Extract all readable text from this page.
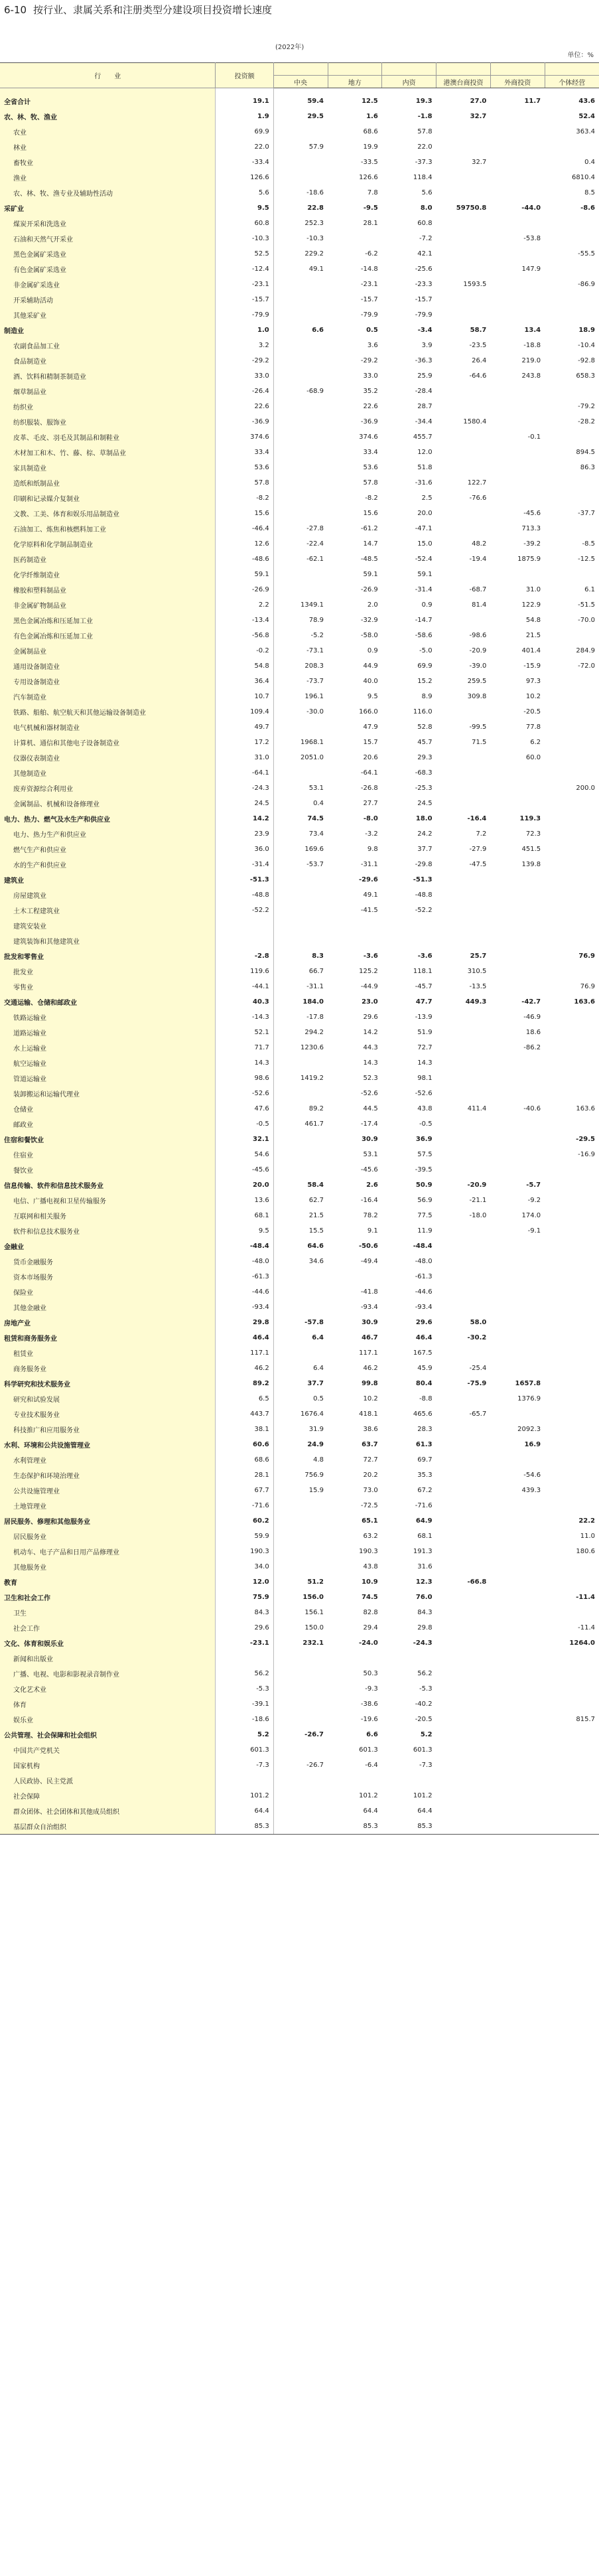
6-10 按行业、隶属关系和注册类型分建设项目投资增长速度
(2022年)
单位：%
行　　业	投资额						
		中央	地方	内资	港澳台商投资	外商投资	个体经营

全省合计	19.1	59.4	12.5	19.3	27.0	11.7	43.6
农、林、牧、渔业	1.9	29.5	1.6	-1.8	32.7		52.4
农业	69.9		68.6	57.8			363.4
林业	22.0	57.9	19.9	22.0			
畜牧业	-33.4		-33.5	-37.3	32.7		0.4
渔业	126.6		126.6	118.4			6810.4
农、林、牧、渔专业及辅助性活动	5.6	-18.6	7.8	5.6			8.5
采矿业	9.5	22.8	-9.5	8.0	59750.8	-44.0	-8.6
煤炭开采和洗选业	60.8	252.3	28.1	60.8			
石油和天然气开采业	-10.3	-10.3		-7.2		-53.8	
黑色金属矿采选业	52.5	229.2	-6.2	42.1			-55.5
有色金属矿采选业	-12.4	49.1	-14.8	-25.6		147.9	
非金属矿采选业	-23.1		-23.1	-23.3	1593.5		-86.9
开采辅助活动	-15.7		-15.7	-15.7			
其他采矿业	-79.9		-79.9	-79.9			
制造业	1.0	6.6	0.5	-3.4	58.7	13.4	18.9
农副食品加工业	3.2		3.6	3.9	-23.5	-18.8	-10.4
食品制造业	-29.2		-29.2	-36.3	26.4	219.0	-92.8
酒、饮料和精制茶制造业	33.0		33.0	25.9	-64.6	243.8	658.3
烟草制品业	-26.4	-68.9	35.2	-28.4			
纺织业	22.6		22.6	28.7			-79.2
纺织服装、服饰业	-36.9		-36.9	-34.4	1580.4		-28.2
皮革、毛皮、羽毛及其制品和制鞋业	374.6		374.6	455.7		-0.1	
木材加工和木、竹、藤、棕、草制品业	33.4		33.4	12.0			894.5
家具制造业	53.6		53.6	51.8			86.3
造纸和纸制品业	57.8		57.8	-31.6	122.7		
印刷和记录媒介复制业	-8.2		-8.2	2.5	-76.6		
文教、工美、体育和娱乐用品制造业	15.6		15.6	20.0		-45.6	-37.7
石油加工、炼焦和核燃料加工业	-46.4	-27.8	-61.2	-47.1		713.3	
化学原料和化学制品制造业	12.6	-22.4	14.7	15.0	48.2	-39.2	-8.5
医药制造业	-48.6	-62.1	-48.5	-52.4	-19.4	1875.9	-12.5
化学纤维制造业	59.1		59.1	59.1			
橡胶和塑料制品业	-26.9		-26.9	-31.4	-68.7	31.0	6.1
非金属矿物制品业	2.2	1349.1	2.0	0.9	81.4	122.9	-51.5
黑色金属冶炼和压延加工业	-13.4	78.9	-32.9	-14.7		54.8	-70.0
有色金属冶炼和压延加工业	-56.8	-5.2	-58.0	-58.6	-98.6	21.5	
金属制品业	-0.2	-73.1	0.9	-5.0	-20.9	401.4	284.9
通用设备制造业	54.8	208.3	44.9	69.9	-39.0	-15.9	-72.0
专用设备制造业	36.4	-73.7	40.0	15.2	259.5	97.3	
汽车制造业	10.7	196.1	9.5	8.9	309.8	10.2	
铁路、船舶、航空航天和其他运输设备制造业	109.4	-30.0	166.0	116.0		-20.5	
电气机械和器材制造业	49.7		47.9	52.8	-99.5	77.8	
计算机、通信和其他电子设备制造业	17.2	1968.1	15.7	45.7	71.5	6.2	
仪器仪表制造业	31.0	2051.0	20.6	29.3		60.0	
其他制造业	-64.1		-64.1	-68.3			
废弃资源综合利用业	-24.3	53.1	-26.8	-25.3			200.0
金属制品、机械和设备修理业	24.5	0.4	27.7	24.5			
电力、热力、燃气及水生产和供应业	14.2	74.5	-8.0	18.0	-16.4	119.3	
电力、热力生产和供应业	23.9	73.4	-3.2	24.2	7.2	72.3	
燃气生产和供应业	36.0	169.6	9.8	37.7	-27.9	451.5	
水的生产和供应业	-31.4	-53.7	-31.1	-29.8	-47.5	139.8	
建筑业	-51.3		-29.6	-51.3			
房屋建筑业	-48.8		49.1	-48.8			
土木工程建筑业	-52.2		-41.5	-52.2			
建筑安装业							
建筑装饰和其他建筑业							
批发和零售业	-2.8	8.3	-3.6	-3.6	25.7		76.9
批发业	119.6	66.7	125.2	118.1	310.5		
零售业	-44.1	-31.1	-44.9	-45.7	-13.5		76.9
交通运输、仓储和邮政业	40.3	184.0	23.0	47.7	449.3	-42.7	163.6
铁路运输业	-14.3	-17.8	29.6	-13.9		-46.9	
道路运输业	52.1	294.2	14.2	51.9		18.6	
水上运输业	71.7	1230.6	44.3	72.7		-86.2	
航空运输业	14.3		14.3	14.3			
管道运输业	98.6	1419.2	52.3	98.1			
装卸搬运和运输代理业	-52.6		-52.6	-52.6			
仓储业	47.6	89.2	44.5	43.8	411.4	-40.6	163.6
邮政业	-0.5	461.7	-17.4	-0.5			
住宿和餐饮业	32.1		30.9	36.9			-29.5
住宿业	54.6		53.1	57.5			-16.9
餐饮业	-45.6		-45.6	-39.5			
信息传输、软件和信息技术服务业	20.0	58.4	2.6	50.9	-20.9	-5.7	
电信、广播电视和卫星传输服务	13.6	62.7	-16.4	56.9	-21.1	-9.2	
互联网和相关服务	68.1	21.5	78.2	77.5	-18.0	174.0	
软件和信息技术服务业	9.5	15.5	9.1	11.9		-9.1	
金融业	-48.4	64.6	-50.6	-48.4			
货币金融服务	-48.0	34.6	-49.4	-48.0			
资本市场服务	-61.3			-61.3			
保险业	-44.6		-41.8	-44.6			
其他金融业	-93.4		-93.4	-93.4			
房地产业	29.8	-57.8	30.9	29.6	58.0		
租赁和商务服务业	46.4	6.4	46.7	46.4	-30.2		
租赁业	117.1		117.1	167.5			
商务服务业	46.2	6.4	46.2	45.9	-25.4		
科学研究和技术服务业	89.2	37.7	99.8	80.4	-75.9	1657.8	
研究和试验发展	6.5	0.5	10.2	-8.8		1376.9	
专业技术服务业	443.7	1676.4	418.1	465.6	-65.7		
科技推广和应用服务业	38.1	31.9	38.6	28.3		2092.3	
水利、环境和公共设施管理业	60.6	24.9	63.7	61.3		16.9	
水利管理业	68.6	4.8	72.7	69.7			
生态保护和环境治理业	28.1	756.9	20.2	35.3		-54.6	
公共设施管理业	67.7	15.9	73.0	67.2		439.3	
土地管理业	-71.6		-72.5	-71.6			
居民服务、修理和其他服务业	60.2		65.1	64.9			22.2
居民服务业	59.9		63.2	68.1			11.0
机动车、电子产品和日用产品修理业	190.3		190.3	191.3			180.6
其他服务业	34.0		43.8	31.6			
教育	12.0	51.2	10.9	12.3	-66.8		
卫生和社会工作	75.9	156.0	74.5	76.0			-11.4
卫生	84.3	156.1	82.8	84.3			
社会工作	29.6	150.0	29.4	29.8			-11.4
文化、体育和娱乐业	-23.1	232.1	-24.0	-24.3			1264.0
新闻和出版业							
广播、电视、电影和影视录音制作业	56.2		50.3	56.2			
文化艺术业	-5.3		-9.3	-5.3			
体育	-39.1		-38.6	-40.2			
娱乐业	-18.6		-19.6	-20.5			815.7
公共管理、社会保障和社会组织	5.2	-26.7	6.6	5.2			
中国共产党机关	601.3		601.3	601.3			
国家机构	-7.3	-26.7	-6.4	-7.3			
人民政协、民主党派							
社会保障	101.2		101.2	101.2			
群众团体、社会团体和其他成员组织	64.4		64.4	64.4			
基层群众自治组织	85.3		85.3	85.3			
